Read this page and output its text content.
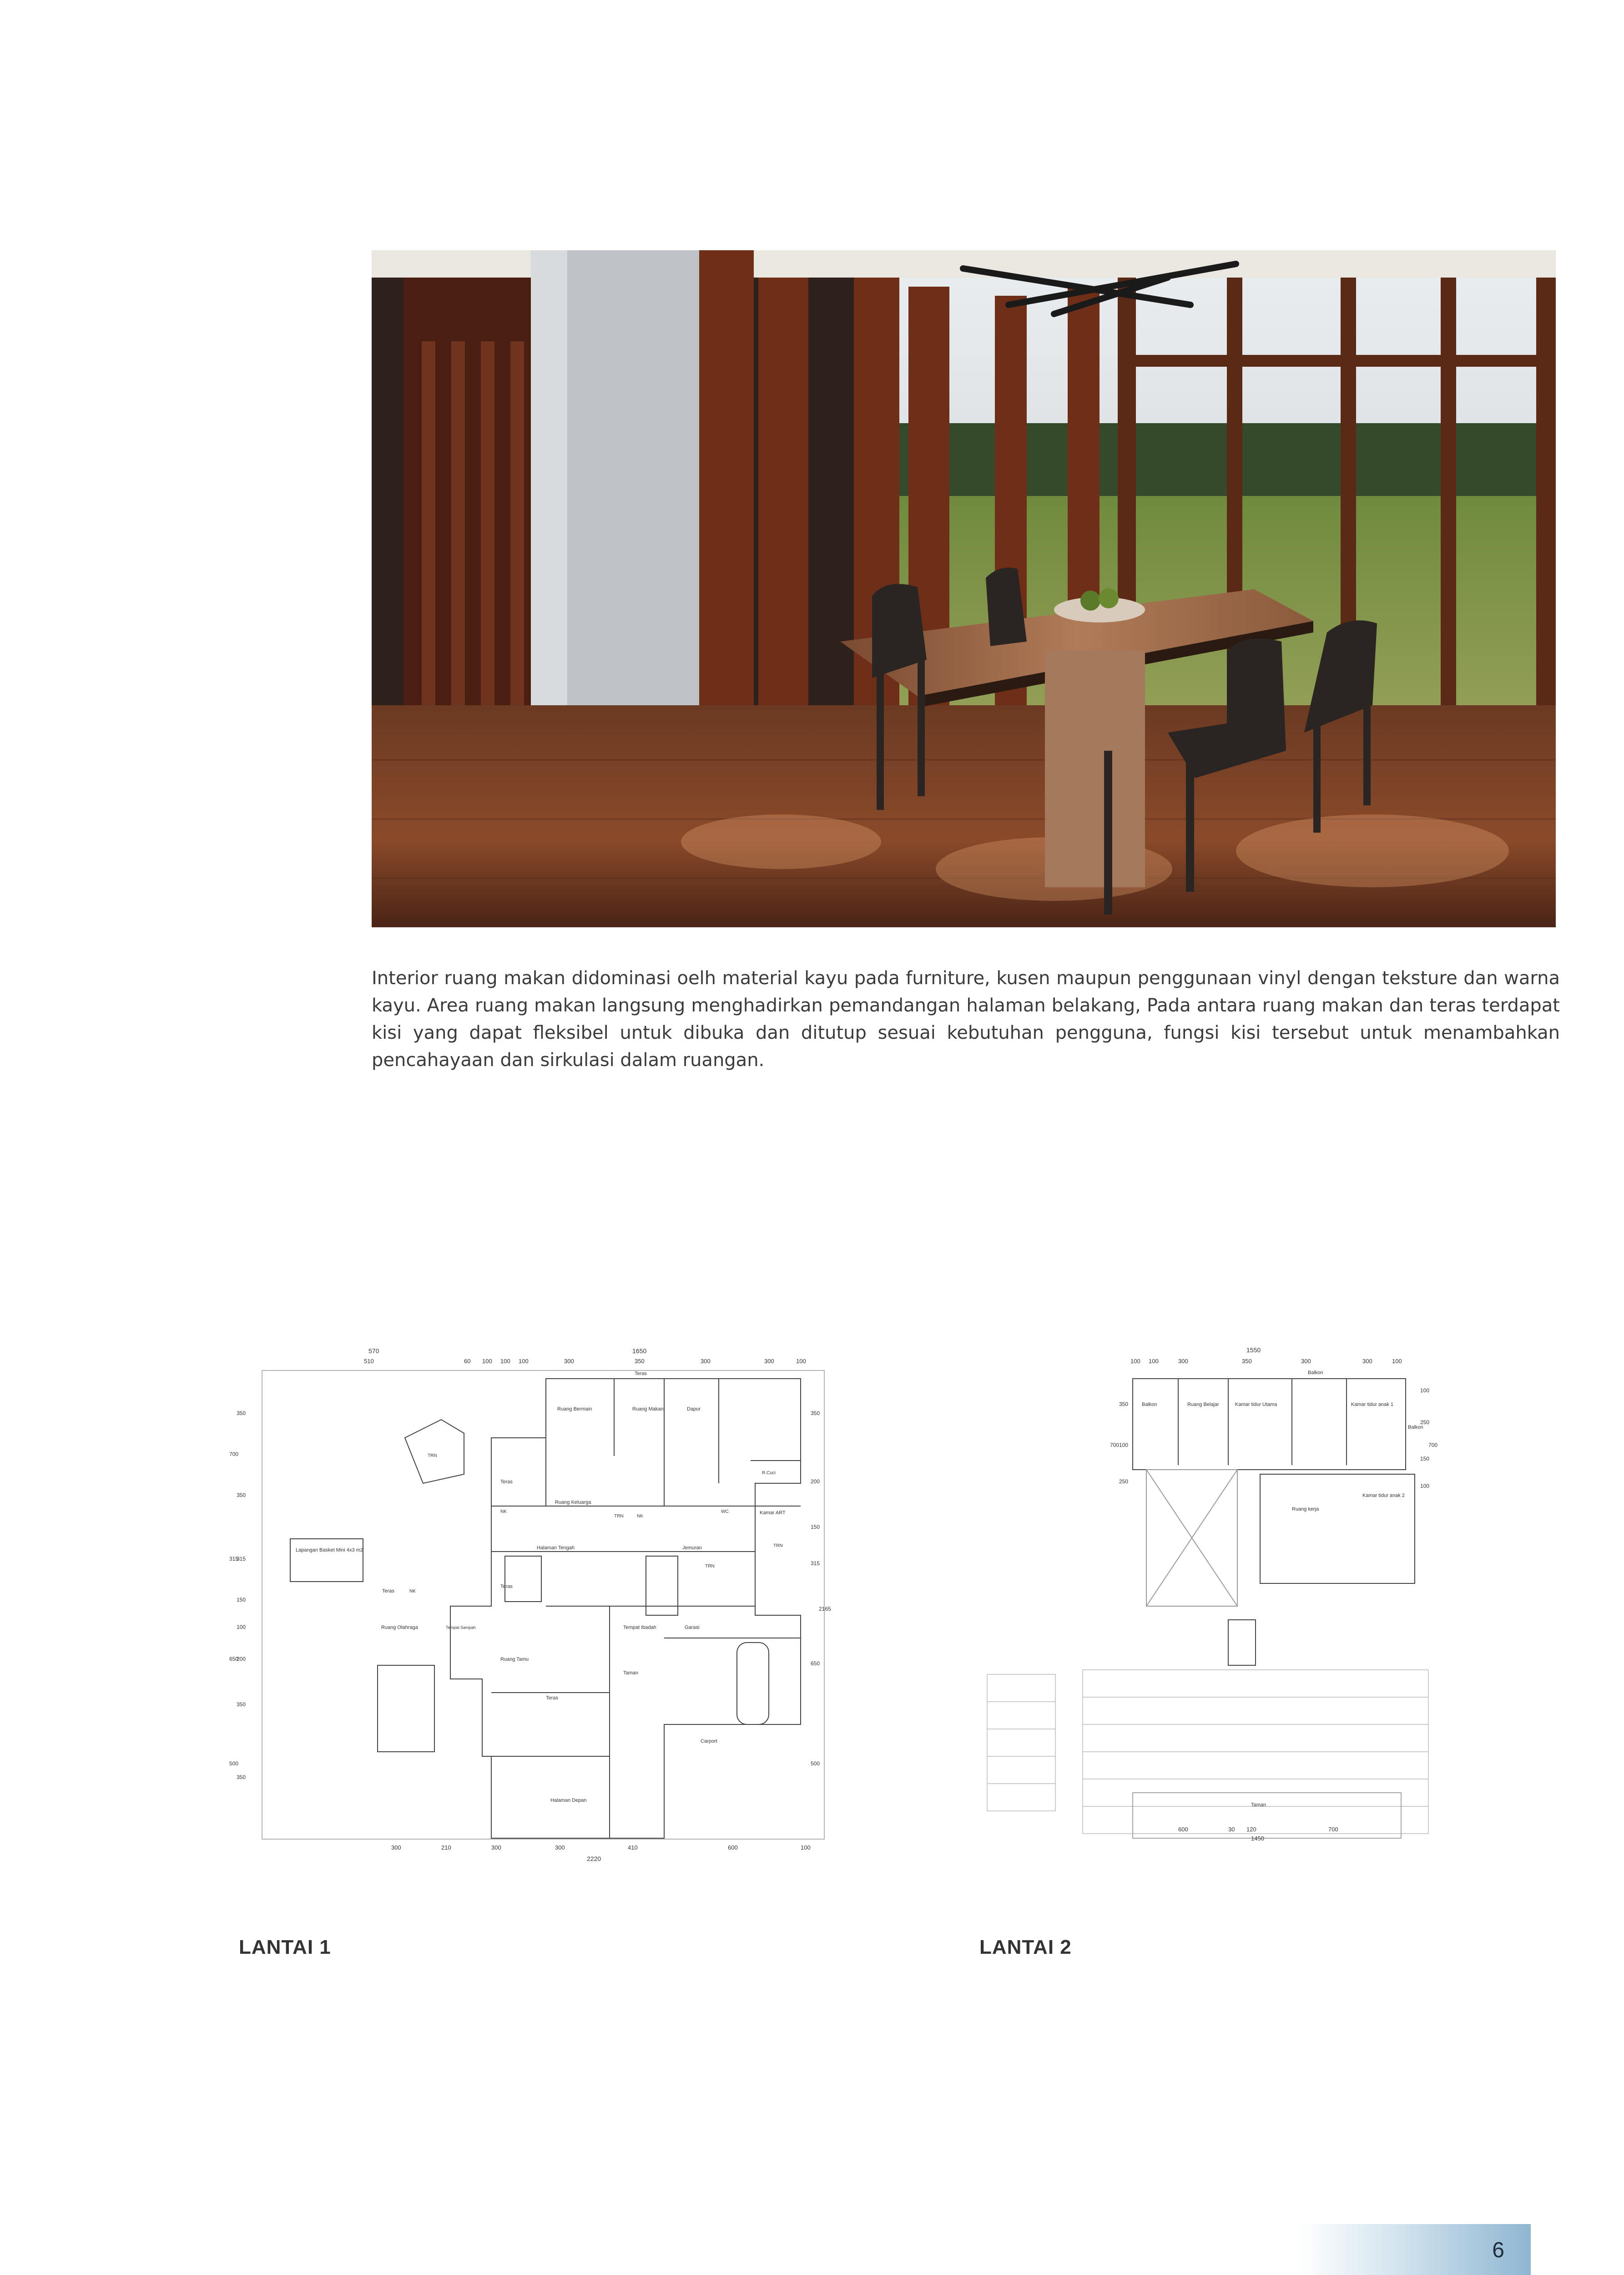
Interior ruang makan didominasi oelh material kayu pada furniture, kusen maupun penggunaan vinyl dengan teksture dan warna kayu. Area ruang makan langsung menghadirkan pemandangan halaman belakang, Pada antara ruang makan dan teras terdapat kisi yang dapat fleksibel untuk dibuka dan ditutup sesuai kebutuhan pengguna, fungsi kisi tersebut untuk menambahkan pencahayaan dan sirkulasi dalam ruangan.

570	1650
510	60 100 100 100	300	350	300	300	100
300	210	300	300	410	600	100
2220
350
700
350
315
315
150
100
200
650
350
500
350
350
200
150
315
2165
650
500
Teras
Ruang Bermain	Ruang Makan	Dapur
TRN
Teras
R.Cuci
Ruang Keluarga
NK	Kamar ART
TRN	NK
WC
TRN
Lapangan Basket Mini 4x3 m2	Halaman Tengah	Jemuran
TRN
Teras
NK
Teras
Ruang Olahraga	Tempat Sampah	Tempat Ibadah	Garasi
Ruang Tamu
Taman
Teras
Carport
Halaman Depan
LANTAI 1
1550
100 100	300	350	300	300	100
600	30 120	700
1450
350
700 100
250
100
250
700
150
100
Balkon
Balkon	Ruang Belajar	Kamar tidur Utama	Kamar tidur anak 1
Balkon
Ruang kerja
Kamar tidur anak 2
Taman
LANTAI 2
6
